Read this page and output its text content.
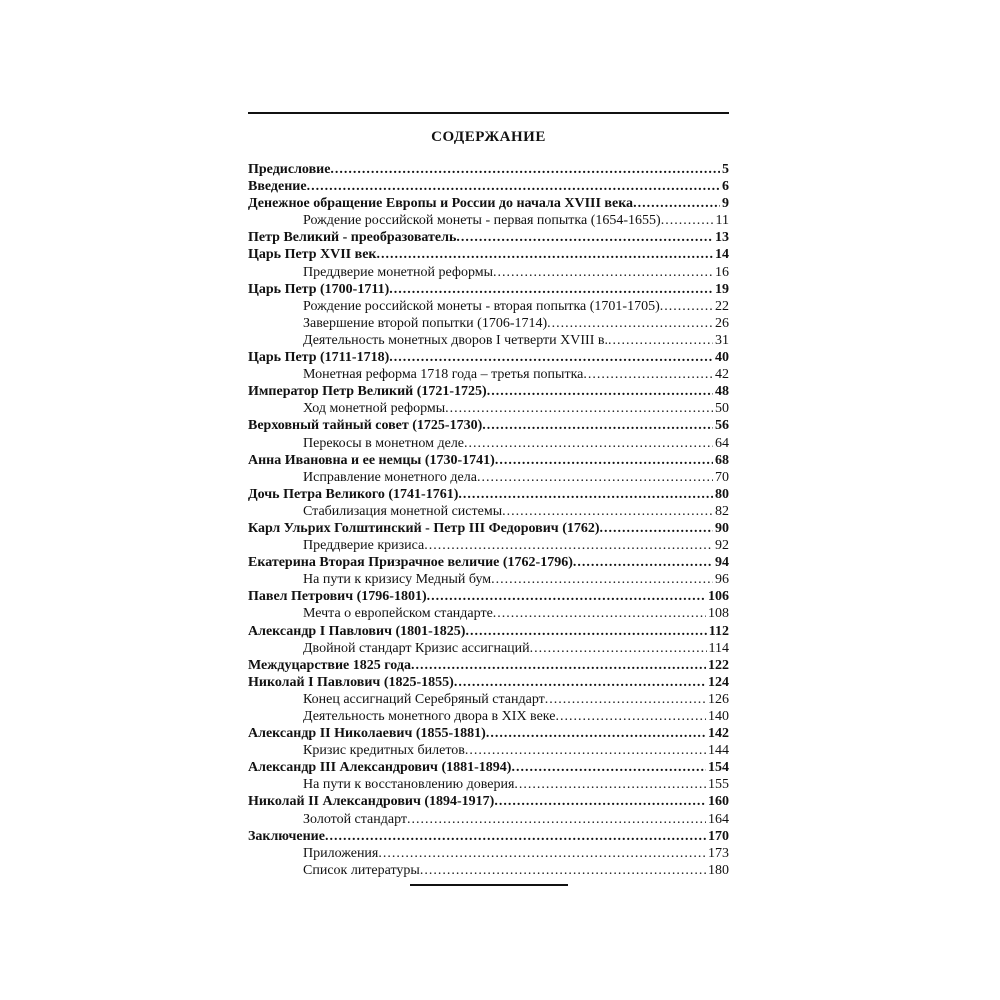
СОДЕРЖАНИЕ
Предисловие .....	5
Введение .....	6
Денежное обращение Европы и России до начала XVIII века .....	9
Рождение российской монеты - первая попытка (1654-1655) .....	11
Петр Великий - преобразователь .....	13
Царь Петр XVII век .....	14
Преддверие монетной реформы .....	16
Царь Петр (1700-1711) .....	19
Рождение российской монеты - вторая попытка (1701-1705) .....	22
Завершение второй попытки (1706-1714) .....	26
Деятельность монетных дворов I четверти XVIII в. .....	31
Царь Петр (1711-1718) .....	40
Монетная реформа 1718 года – третья попытка .....	42
Император Петр Великий (1721-1725) .....	48
Ход монетной реформы .....	50
Верховный тайный совет (1725-1730) .....	56
Перекосы в монетном деле .....	64
Анна Ивановна и ее немцы (1730-1741) .....	68
Исправление монетного дела .....	70
Дочь Петра Великого (1741-1761) .....	80
Стабилизация монетной системы .....	82
Карл Ульрих Голштинский - Петр III Федорович (1762) .....	90
Преддверие кризиса .....	92
Екатерина Вторая Призрачное величие (1762-1796) .....	94
На пути к кризису Медный бум .....	96
Павел Петрович (1796-1801) .....	106
Мечта о европейском стандарте .....	108
Александр I Павлович (1801-1825) .....	112
Двойной стандарт Кризис ассигнаций .....	114
Междуцарствие 1825 года .....	122
Николай I Павлович (1825-1855) .....	124
Конец ассигнаций Серебряный стандарт .....	126
Деятельность монетного двора в XIX веке .....	140
Александр II Николаевич (1855-1881) .....	142
Кризис кредитных билетов .....	144
Александр III Александрович (1881-1894) .....	154
На пути к восстановлению доверия .....	155
Николай II Александрович (1894-1917) .....	160
Золотой стандарт .....	164
Заключение .....	170
Приложения .....	173
Список литературы .....	180
